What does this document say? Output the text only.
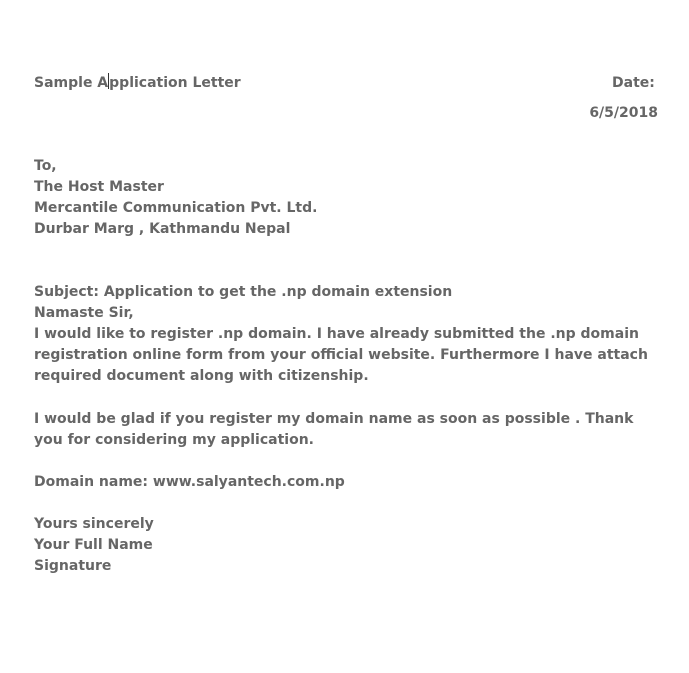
Sample Application Letter	Date:
6/5/2018

To,

The Host Master

Mercantile Communication Pvt. Ltd.

Durbar Marg , Kathmandu Nepal

Subject: Application to get the .np domain extension

Namaste Sir,

I would like to register .np domain. I have already submitted the .np domain registration online form from your official website. Furthermore I have attach required document along with citizenship.

I would be glad if you register my domain name as soon as possible . Thank you for considering my application.

Domain name: www.salyantech.com.np

Yours sincerely

Your Full Name

Signature
